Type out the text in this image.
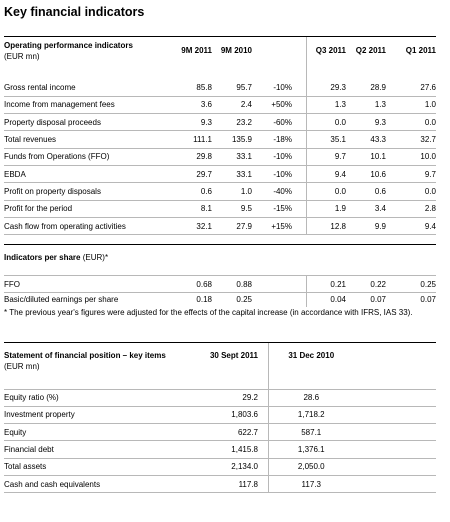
Key financial indicators
Operating performance indicators
(EUR mn)	9M 2011	9M 2010			Q3 2011	Q2 2011	Q1 2011

Gross rental income	85.8	95.7	-10%		29.3	28.9	27.6
Income from management fees	3.6	2.4	+50%		1.3	1.3	1.0
Property disposal proceeds	9.3	23.2	-60%		0.0	9.3	0.0
Total revenues	111.1	135.9	-18%		35.1	43.3	32.7
Funds from Operations (FFO)	29.8	33.1	-10%		9.7	10.1	10.0
EBDA	29.7	33.1	-10%		9.4	10.6	9.7
Profit on property disposals	0.6	1.0	-40%		0.0	0.6	0.0
Profit for the period	8.1	9.5	-15%		1.9	3.4	2.8
Cash flow from operating activities	32.1	27.9	+15%		12.8	9.9	9.4
Indicators per share (EUR)*
FFO	0.68	0.88			0.21	0.22	0.25
Basic/diluted earnings per share	0.18	0.25			0.04	0.07	0.07
* The previous year's figures were adjusted for the effects of the capital increase (in accordance with IFRS, IAS 33).
Statement of financial position – key items
(EUR mn)	30 Sept 2011		31 Dec 2010	

Equity ratio (%)	29.2		28.6	
Investment property	1,803.6		1,718.2	
Equity	622.7		587.1	
Financial debt	1,415.8		1,376.1	
Total assets	2,134.0		2,050.0	
Cash and cash equivalents	117.8		117.3	
